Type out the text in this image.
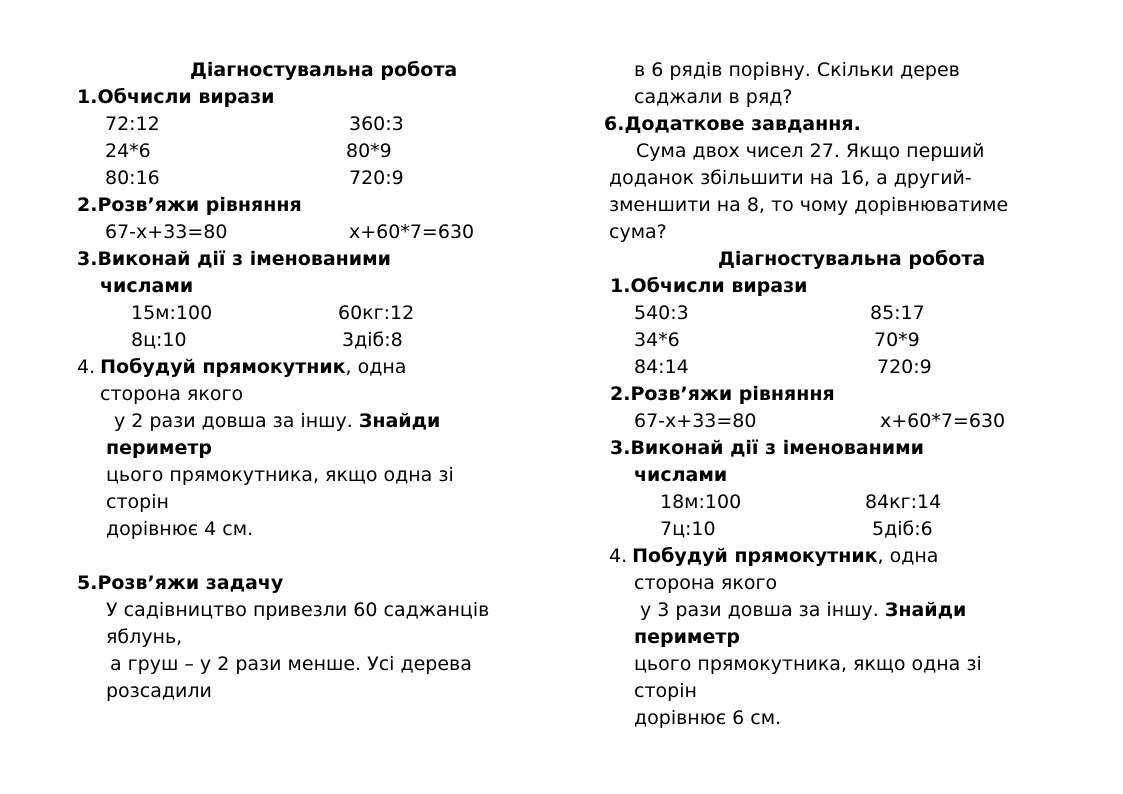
Діагностувальна робота
1.Обчисли вирази
72:12	360:3
24*6	80*9
80:16	720:9
2.Розв’яжи рівняння
67-х+33=80	х+60*7=630
3.Виконай дії з іменованими
числами
15м:100	60кг:12
8ц:10	3діб:8
4. Побудуй прямокутник, одна
сторона якого
у 2 рази довша за іншу. Знайди
периметр
цього прямокутника, якщо одна зі
сторін
дорівнює 4 см.
5.Розв’яжи задачу
У садівництво привезли 60 саджанців
яблунь,
а груш – у 2 рази менше. Усі дерева
розсадили
в 6 рядів порівну. Скільки дерев
саджали в ряд?
6.Додаткове завдання.
Сума двох чисел 27. Якщо перший
доданок збільшити на 16, а другий-
зменшити на 8, то чому дорівнюватиме
сума?
Діагностувальна робота
1.Обчисли вирази
540:3	85:17
34*6	70*9
84:14	720:9
2.Розв’яжи рівняння
67-х+33=80	х+60*7=630
3.Виконай дії з іменованими
числами
18м:100	84кг:14
7ц:10	5діб:6
4. Побудуй прямокутник, одна
сторона якого
у 3 рази довша за іншу. Знайди
периметр
цього прямокутника, якщо одна зі
сторін
дорівнює 6 см.
